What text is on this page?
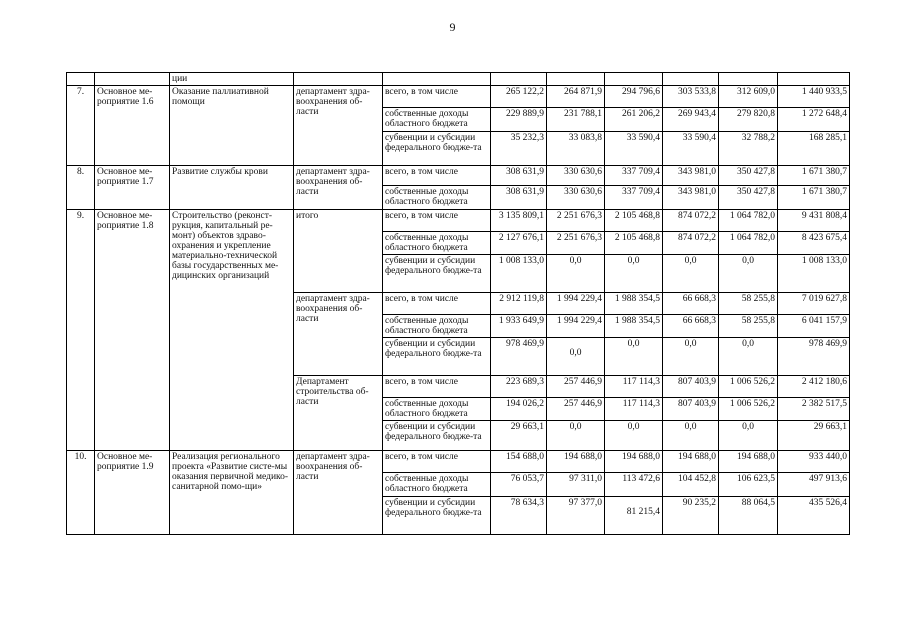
9
		ции								
7.	Основное ме-роприятие 1.6	Оказание паллиативной помощи	департамент здра-воохранения об-ласти	всего, в том числе	265 122,2	264 871,9	294 796,6	303 533,8	312 609,0	1 440 933,5
				собственные доходы областного бюджета	229 889,9	231 788,1	261 206,2	269 943,4	279 820,8	1 272 648,4
				субвенции и субсидии федерального бюдже-та	35 232,3	33 083,8	33 590,4	33 590,4	32 788,2	168 285,1
8.	Основное ме-роприятие 1.7	Развитие службы крови	департамент здра-воохранения об-ласти	всего, в том числе	308 631,9	330 630,6	337 709,4	343 981,0	350 427,8	1 671 380,7
				собственные доходы областного бюджета	308 631,9	330 630,6	337 709,4	343 981,0	350 427,8	1 671 380,7
9.	Основное ме-роприятие 1.8	Строительство (реконст-рукция, капитальный ре-монт) объектов здраво-охранения и укрепление материально-технической базы государственных ме-дицинских организаций	итого	всего, в том числе	3 135 809,1	2 251 676,3	2 105 468,8	874 072,2	1 064 782,0	9 431 808,4
				собственные доходы областного бюджета	2 127 676,1	2 251 676,3	2 105 468,8	874 072,2	1 064 782,0	8 423 675,4
				субвенции и субсидии федерального бюдже-та	1 008 133,0	0,0	0,0	0,0	0,0	1 008 133,0
			департамент здра-воохранения об-ласти	всего, в том числе	2 912 119,8	1 994 229,4	1 988 354,5	66 668,3	58 255,8	7 019 627,8
				собственные доходы областного бюджета	1 933 649,9	1 994 229,4	1 988 354,5	66 668,3	58 255,8	6 041 157,9
				субвенции и субсидии федерального бюдже-та	978 469,9	0,0	0,0	0,0	0,0	978 469,9
			Департамент строительства об-ласти	всего, в том числе	223 689,3	257 446,9	117 114,3	807 403,9	1 006 526,2	2 412 180,6
				собственные доходы областного бюджета	194 026,2	257 446,9	117 114,3	807 403,9	1 006 526,2	2 382 517,5
				субвенции и субсидии федерального бюдже-та	29 663,1	0,0	0,0	0,0	0,0	29 663,1
10.	Основное ме-роприятие 1.9	Реализация регионального проекта «Развитие систе-мы оказания первичной медико-санитарной помо-щи»	департамент здра-воохранения об-ласти	всего, в том числе	154 688,0	194 688,0	194 688,0	194 688,0	194 688,0	933 440,0
				собственные доходы областного бюджета	76 053,7	97 311,0	113 472,6	104 452,8	106 623,5	497 913,6
				субвенции и субсидии федерального бюдже-та	78 634,3	97 377,0	81 215,4	90 235,2	88 064,5	435 526,4
